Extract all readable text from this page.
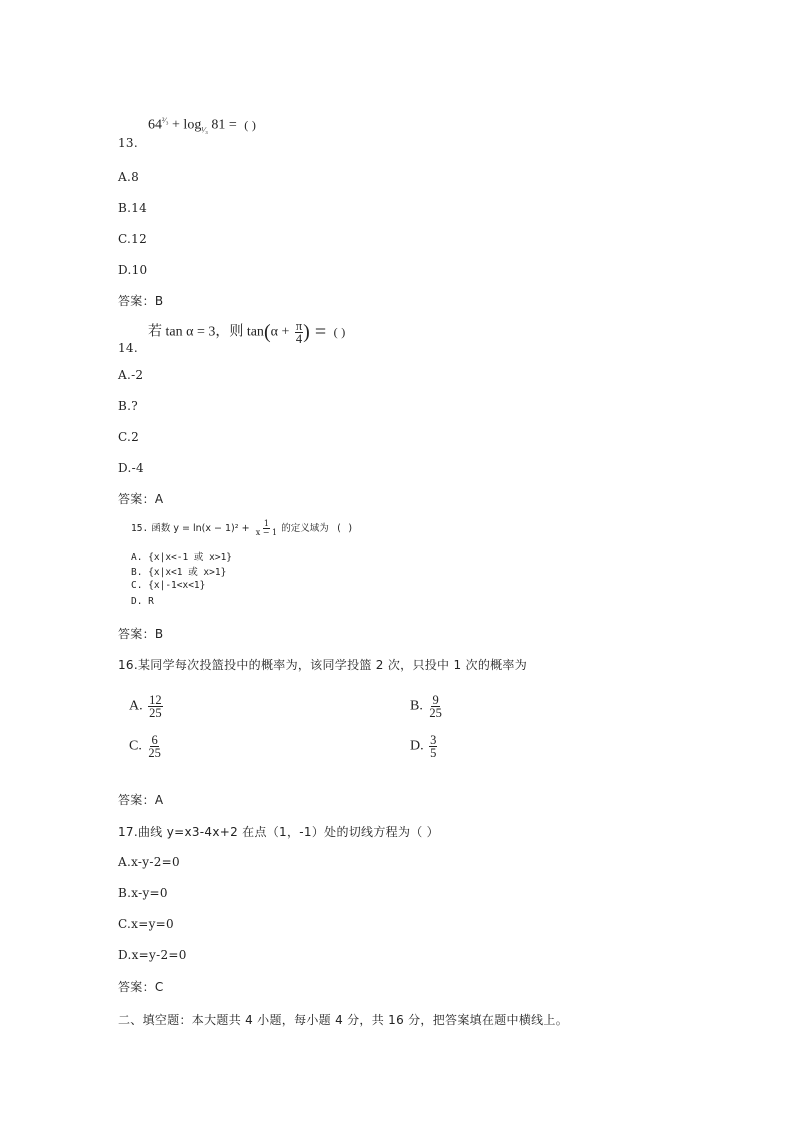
$64^{^2⁄_3} + \log_{^1⁄_3} 81$ = ( )
13.
A.8
B.14
C.12
D.10
答案：B
若 tan α = 3，则 $\tan(\alpha + \frac{\pi}{4}$ ) = ( )
14.
A.-2
B.?
C.2
D.-4
答案：A
15. 函数 $y = \ln(x - 1)^2 + \frac{1}{x - 1}$ 的定义域为 ( )
A. {x|x<-1 或 x>1}
B. {x|x<1 或 x>1}
C. {x|-1<x<1}
D. R
答案：B
16.某同学每次投篮投中的概率为，该同学投篮 2 次，只投中 1 次的概率为
A. $\frac{12}{25}$	B. $\frac{9}{25}$
C. $\frac{6}{25}$	D. $\frac{3}{5}$
答案：A
17.曲线 y=x3-4x+2 在点（1，-1）处的切线方程为（ ）
A.x-y-2=0
B.x-y=0
C.x=y=0
D.x=y-2=0
答案：C
二、填空题：本大题共 4 小题，每小题 4 分，共 16 分，把答案填在题中横线上。
